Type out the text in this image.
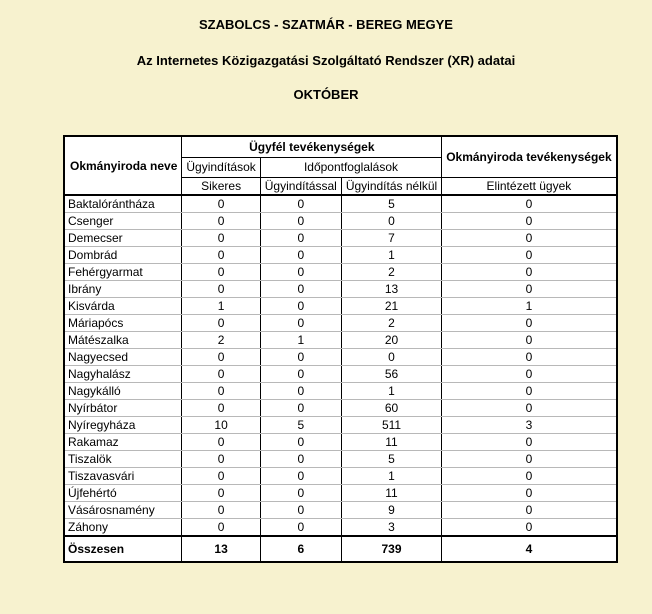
SZABOLCS - SZATMÁR - BEREG MEGYE
Az Internetes Közigazgatási Szolgáltató Rendszer (XR) adatai
OKTÓBER
Okmányiroda neve	Ügyfél tevékenységek			Okmányiroda tevékenységek
	Ügyindítások	Időpontfoglalások		
	Sikeres	Ügyindítással	Ügyindítás nélkül	Elintézett ügyek
Baktalórántháza	0	0	5	0
Csenger	0	0	0	0
Demecser	0	0	7	0
Dombrád	0	0	1	0
Fehérgyarmat	0	0	2	0
Ibrány	0	0	13	0
Kisvárda	1	0	21	1
Máriapócs	0	0	2	0
Mátészalka	2	1	20	0
Nagyecsed	0	0	0	0
Nagyhalász	0	0	56	0
Nagykálló	0	0	1	0
Nyírbátor	0	0	60	0
Nyíregyháza	10	5	511	3
Rakamaz	0	0	11	0
Tiszalök	0	0	5	0
Tiszavasvári	0	0	1	0
Újfehértó	0	0	11	0
Vásárosnamény	0	0	9	0
Záhony	0	0	3	0
Összesen	13	6	739	4
